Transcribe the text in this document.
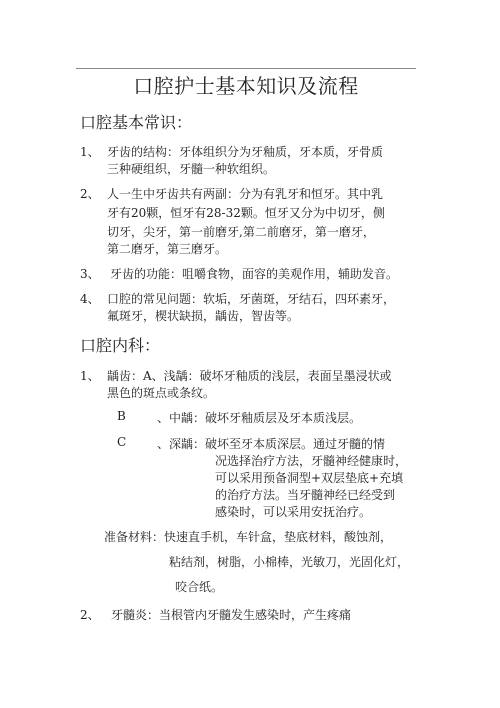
口腔护士基本知识及流程
口腔基本常识：
1、 牙齿的结构：牙体组织分为牙釉质，牙本质，牙骨质
三种硬组织，牙髓一种软组织。
2、 人一生中牙齿共有两副：分为有乳牙和恒牙。其中乳
牙有20颗，恒牙有28-32颗。恒牙又分为中切牙，侧
切牙，尖牙，第一前磨牙,第二前磨牙，第一磨牙，
第二磨牙，第三磨牙。
3、 牙齿的功能：咀嚼食物，面容的美观作用，辅助发音。
4、 口腔的常见问题：软垢，牙菌斑，牙结石，四环素牙，
氟斑牙，楔状缺损，龋齿，智齿等。
口腔内科：
1、 龋齿：A、浅龋：破坏牙釉质的浅层，表面呈墨浸状或
黑色的斑点或条纹。
B	、中龋：破坏牙釉质层及牙本质浅层。
C	、深龋：破坏至牙本质深层。通过牙髓的情
况选择治疗方法，牙髓神经健康时，
可以采用预备洞型+双层垫底+充填
的治疗方法。当牙髓神经已经受到
感染时，可以采用安抚治疗。
准备材料：快速直手机，车针盒，垫底材料，酸蚀剂，
粘结剂，树脂，小棉棒，光敏刀，光固化灯，
咬合纸。
2、 牙髓炎：当根管内牙髓发生感染时，产生疼痛
